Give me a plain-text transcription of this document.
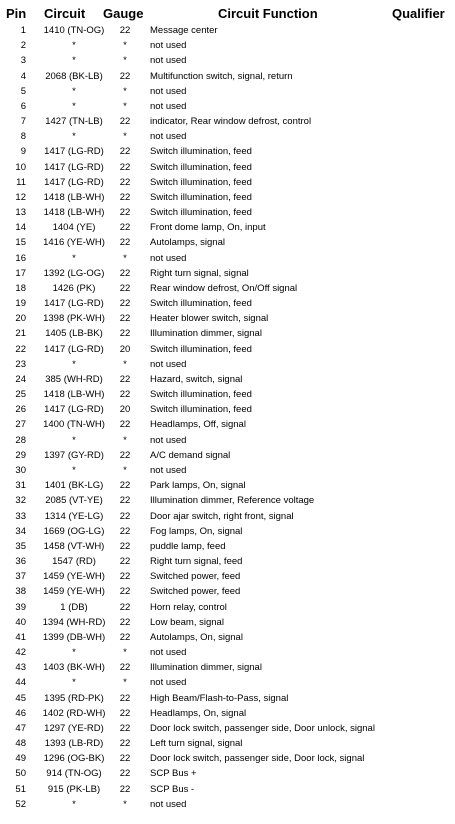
Pin Circuit Gauge	Circuit Function	Qualifier
1	1410 (TN-OG)	22	Message center
2	*	*	not used
3	*	*	not used
4	2068 (BK-LB)	22	Multifunction switch, signal, return
5	*	*	not used
6	*	*	not used
7	1427 (TN-LB)	22	indicator, Rear window defrost, control
8	*	*	not used
9	1417 (LG-RD)	22	Switch illumination, feed
10	1417 (LG-RD)	22	Switch illumination, feed
11	1417 (LG-RD)	22	Switch illumination, feed
12	1418 (LB-WH)	22	Switch illumination, feed
13	1418 (LB-WH)	22	Switch illumination, feed
14	1404 (YE)	22	Front dome lamp, On, input
15	1416 (YE-WH)	22	Autolamps, signal
16	*	*	not used
17	1392 (LG-OG)	22	Right turn signal, signal
18	1426 (PK)	22	Rear window defrost, On/Off signal
19	1417 (LG-RD)	22	Switch illumination, feed
20	1398 (PK-WH)	22	Heater blower switch, signal
21	1405 (LB-BK)	22	Illumination dimmer, signal
22	1417 (LG-RD)	20	Switch illumination, feed
23	*	*	not used
24	385 (WH-RD)	22	Hazard, switch, signal
25	1418 (LB-WH)	22	Switch illumination, feed
26	1417 (LG-RD)	20	Switch illumination, feed
27	1400 (TN-WH)	22	Headlamps, Off, signal
28	*	*	not used
29	1397 (GY-RD)	22	A/C demand signal
30	*	*	not used
31	1401 (BK-LG)	22	Park lamps, On, signal
32	2085 (VT-YE)	22	Illumination dimmer, Reference voltage
33	1314 (YE-LG)	22	Door ajar switch, right front, signal
34	1669 (OG-LG)	22	Fog lamps, On, signal
35	1458 (VT-WH)	22	puddle lamp, feed
36	1547 (RD)	22	Right turn signal, feed
37	1459 (YE-WH)	22	Switched power, feed
38	1459 (YE-WH)	22	Switched power, feed
39	1 (DB)	22	Horn relay, control
40	1394 (WH-RD)	22	Low beam, signal
41	1399 (DB-WH)	22	Autolamps, On, signal
42	*	*	not used
43	1403 (BK-WH)	22	Illumination dimmer, signal
44	*	*	not used
45	1395 (RD-PK)	22	High Beam/Flash-to-Pass, signal
46	1402 (RD-WH)	22	Headlamps, On, signal
47	1297 (YE-RD)	22	Door lock switch, passenger side, Door unlock, signal
48	1393 (LB-RD)	22	Left turn signal, signal
49	1296 (OG-BK)	22	Door lock switch, passenger side, Door lock, signal
50	914 (TN-OG)	22	SCP Bus +
51	915 (PK-LB)	22	SCP Bus -
52	*	*	not used
